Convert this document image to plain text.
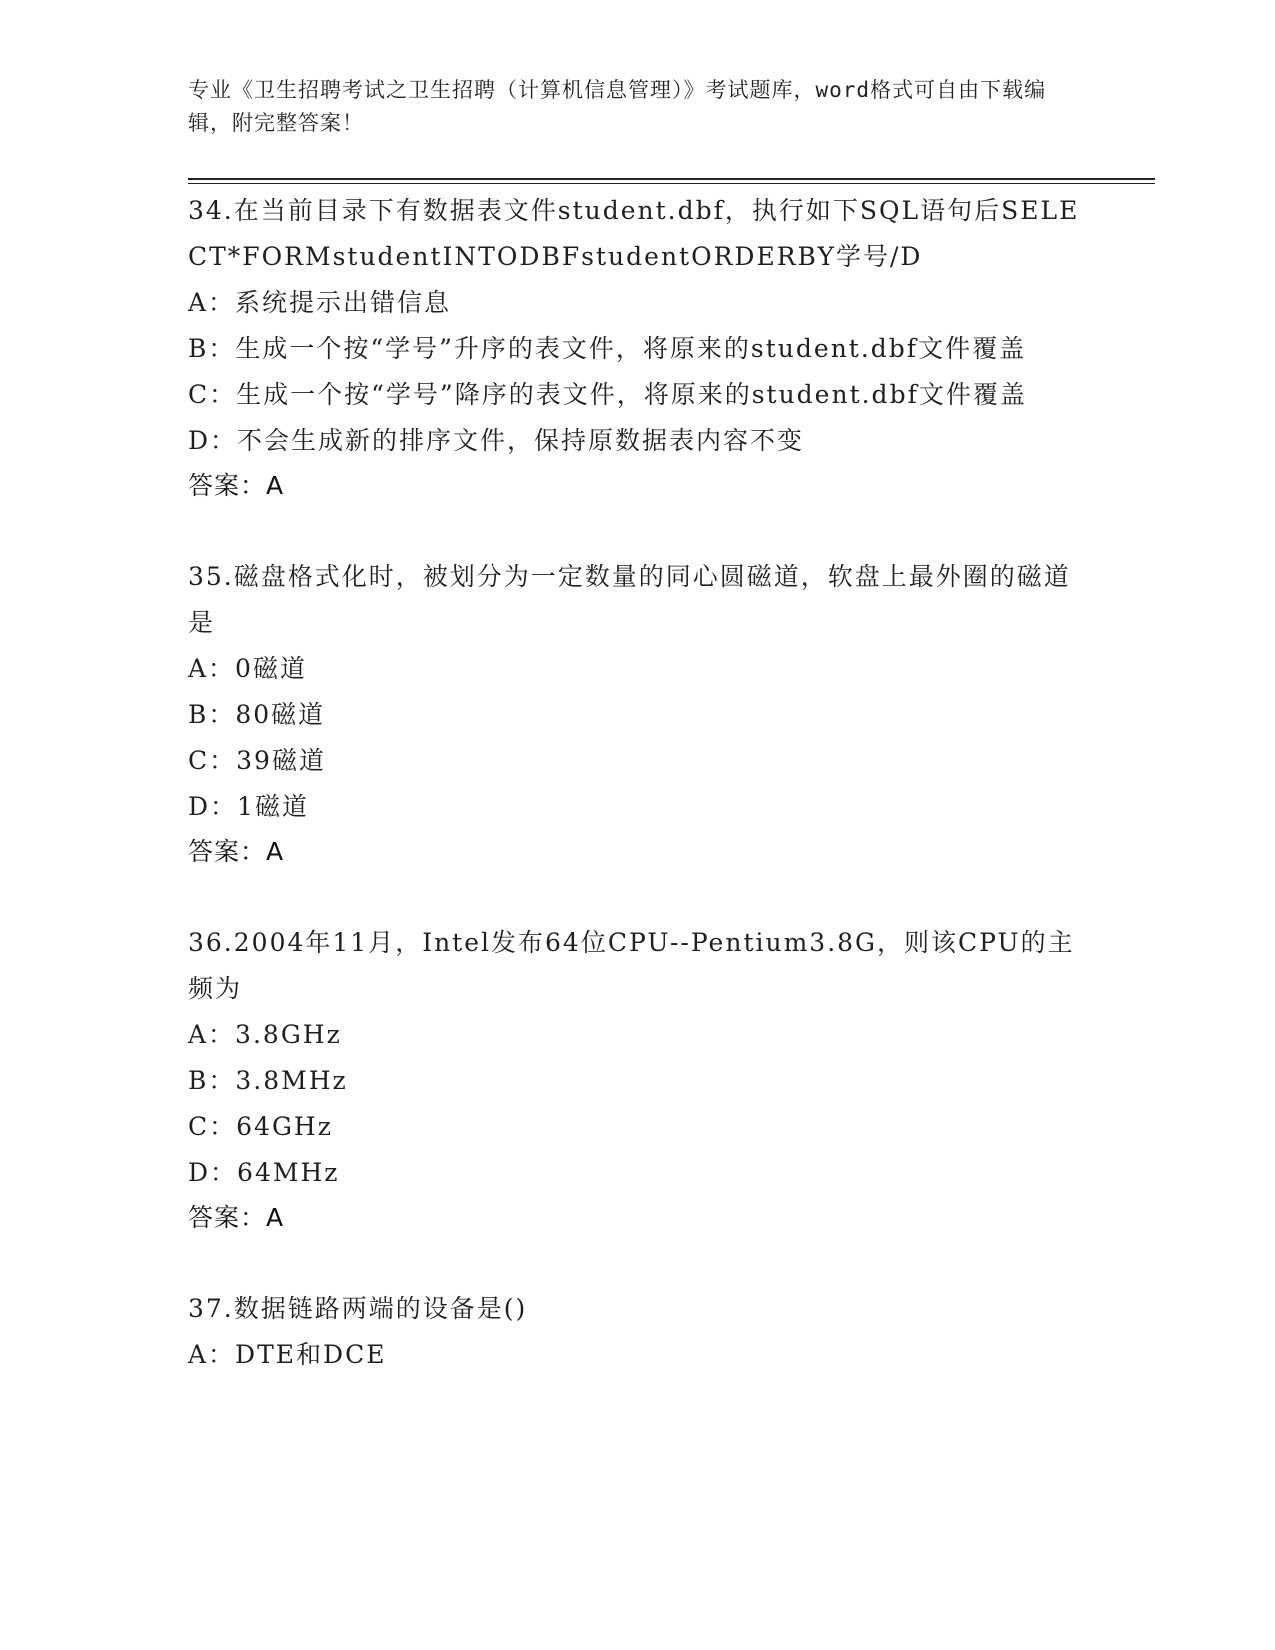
专业《卫生招聘考试之卫生招聘（计算机信息管理）》考试题库，word格式可自由下载编辑，附完整答案！
34.在当前目录下有数据表文件student.dbf，执行如下SQL语句后SELECT*FORMstudentINTODBFstudentORDERBY学号/D
A：系统提示出错信息
B：生成一个按“学号”升序的表文件，将原来的student.dbf文件覆盖
C：生成一个按“学号”降序的表文件，将原来的student.dbf文件覆盖
D：不会生成新的排序文件，保持原数据表内容不变
答案：A
35.磁盘格式化时，被划分为一定数量的同心圆磁道，软盘上最外圈的磁道是
A：0磁道
B：80磁道
C：39磁道
D：1磁道
答案：A
36.2004年11月，Intel发布64位CPU--Pentium3.8G，则该CPU的主频为
A：3.8GHz
B：3.8MHz
C：64GHz
D：64MHz
答案：A
37.数据链路两端的设备是()
A：DTE和DCE
